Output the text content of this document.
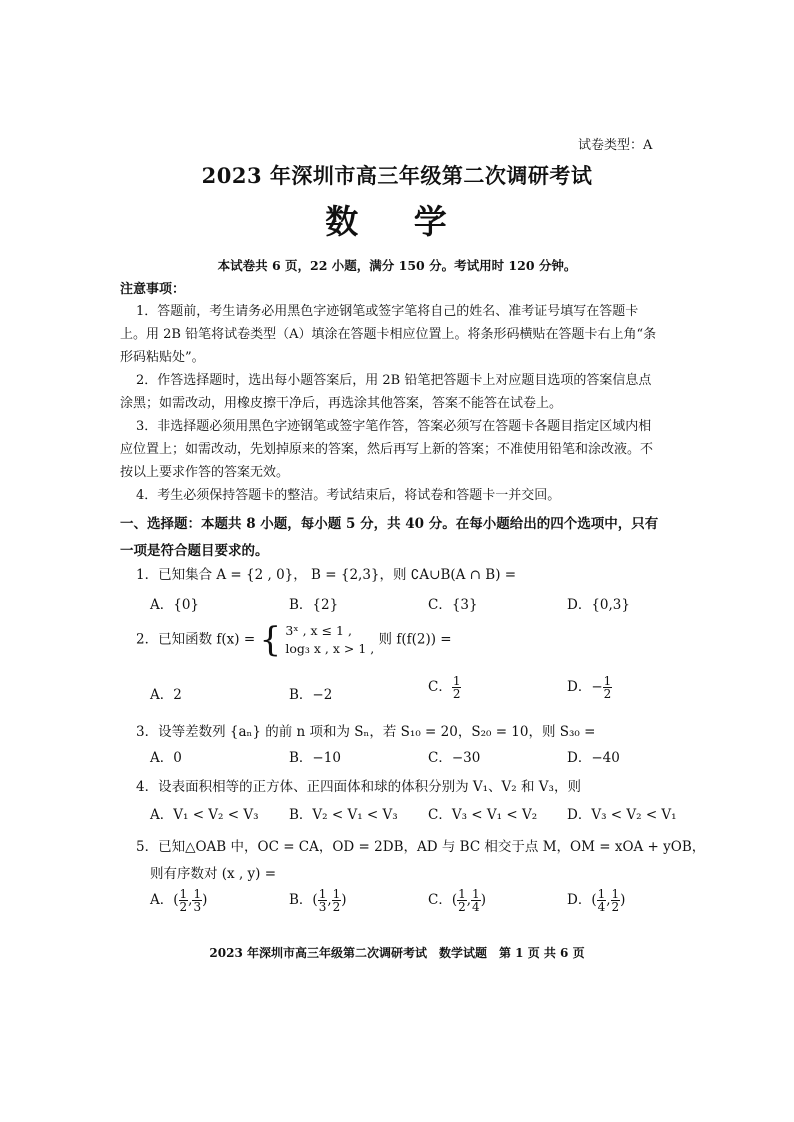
试卷类型：A
2023 年深圳市高三年级第二次调研考试
数 学
本试卷共 6 页，22 小题，满分 150 分。考试用时 120 分钟。
注意事项：
1．答题前，考生请务必用黑色字迹钢笔或签字笔将自己的姓名、准考证号填写在答题卡上。用 2B 铅笔将试卷类型（A）填涂在答题卡相应位置上。将条形码横贴在答题卡右上角“条形码粘贴处”。
2．作答选择题时，选出每小题答案后，用 2B 铅笔把答题卡上对应题目选项的答案信息点涂黑；如需改动，用橡皮擦干净后，再选涂其他答案，答案不能答在试卷上。
3．非选择题必须用黑色字迹钢笔或签字笔作答，答案必须写在答题卡各题目指定区域内相应位置上；如需改动，先划掉原来的答案，然后再写上新的答案；不准使用铅笔和涂改液。不按以上要求作答的答案无效。
4．考生必须保持答题卡的整洁。考试结束后，将试卷和答题卡一并交回。
一、选择题：本题共 8 小题，每小题 5 分，共 40 分。在每小题给出的四个选项中，只有一项是符合题目要求的。
1．已知集合 A = {2 , 0}， B = {2,3}，则 ∁A∪B(A ∩ B) =
A．{0}	B．{2}	C．{3}	D．{0,3}
2．已知函数 f(x) = { 3ˣ , x ≤ 1 ,
log₃ x , x > 1 ,
则 f(f(2)) =
A．2	B．−2	C． $\frac{1}{2}$	D．− $\frac{1}{2}$
3．设等差数列 {aₙ} 的前 n 项和为 Sₙ，若 S₁₀ = 20，S₂₀ = 10，则 S₃₀ =
A．0	B．−10	C．−30	D．−40
4．设表面积相等的正方体、正四面体和球的体积分别为 V₁、V₂ 和 V₃，则
A．V₁ < V₂ < V₃ B．V₂ < V₁ < V₃ C．V₃ < V₁ < V₂ D．V₃ < V₂ < V₁
5．已知△OAB 中，OC = CA，OD = 2DB，AD 与 BC 相交于点 M，OM = xOA + yOB，
则有序数对 (x , y) =
A．( $\frac{1}{2}$ , $\frac{1}{3}$ )	B．( $\frac{1}{3}$ , $\frac{1}{2}$ )	C．( $\frac{1}{2}$ , $\frac{1}{4}$ )	D．( $\frac{1}{4}$ , $\frac{1}{2}$ )
2023 年深圳市高三年级第二次调研考试　数学试题　第 1 页 共 6 页
